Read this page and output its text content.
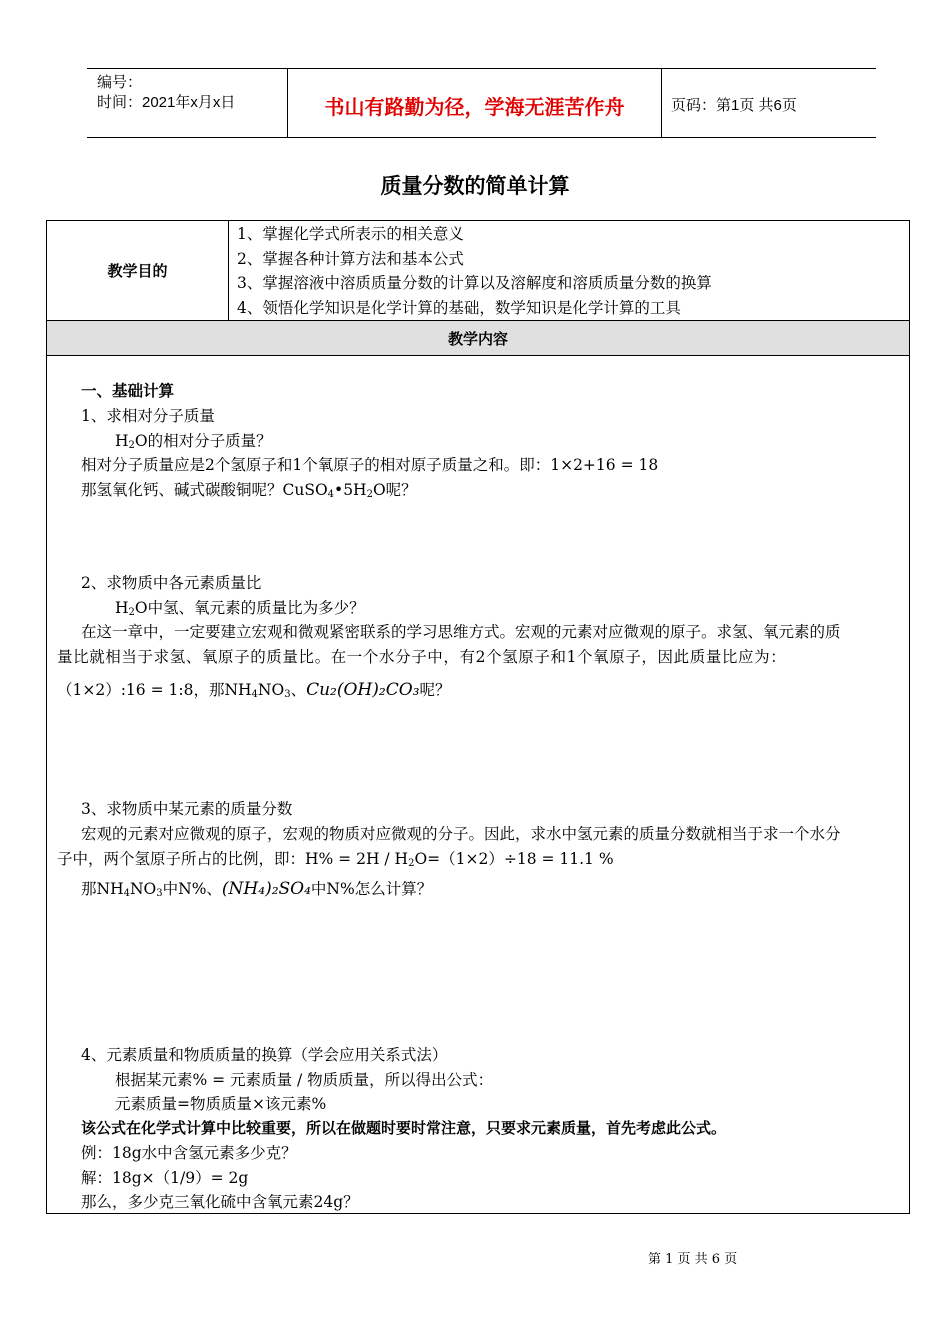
编号：
时间：2021年x月x日	书山有路勤为径，学海无涯苦作舟	页码：第1页 共6页
质量分数的简单计算
教学目的
1、掌握化学式所表示的相关意义
2、掌握各种计算方法和基本公式
3、掌握溶液中溶质质量分数的计算以及溶解度和溶质质量分数的换算
4、领悟化学知识是化学计算的基础，数学知识是化学计算的工具
教学内容
一、基础计算
1、求相对分子质量
$H_2O$的相对分子质量？
相对分子质量应是2个氢原子和1个氧原子的相对原子质量之和。即：1×2+16 = 18
那氢氧化钙、碱式碳酸铜呢？$CuSO_4•5H_2O$呢？
2、求物质中各元素质量比
$H_2O$中氢、氧元素的质量比为多少？
在这一章中，一定要建立宏观和微观紧密联系的学习思维方式。宏观的元素对应微观的原子。求氢、氧元素的质
量比就相当于求氢、氧原子的质量比。在一个水分子中，有2个氢原子和1个氧原子，因此质量比应为：
（1×2）:16 = 1:8，那$NH_4NO_3$、Cu₂(OH)₂CO₃呢？
3、求物质中某元素的质量分数
宏观的元素对应微观的原子，宏观的物质对应微观的分子。因此，求水中氢元素的质量分数就相当于求一个水分
子中，两个氢原子所占的比例，即：$H\% = 2H / H_2O=(1\times 2)\div 18 = 11.1$ %
那$NH_4NO_3$中N%、(NH₄)₂SO₄中N%怎么计算？
4、元素质量和物质质量的换算（学会应用关系式法）
根据某元素% = 元素质量 / 物质质量，所以得出公式：
元素质量=物质质量×该元素%
该公式在化学式计算中比较重要，所以在做题时要时常注意，只要求元素质量，首先考虑此公式。
例：18g水中含氢元素多少克？
解：18g×（1/9）= 2g
那么，多少克三氧化硫中含氧元素24g？
第 1 页 共 6 页
